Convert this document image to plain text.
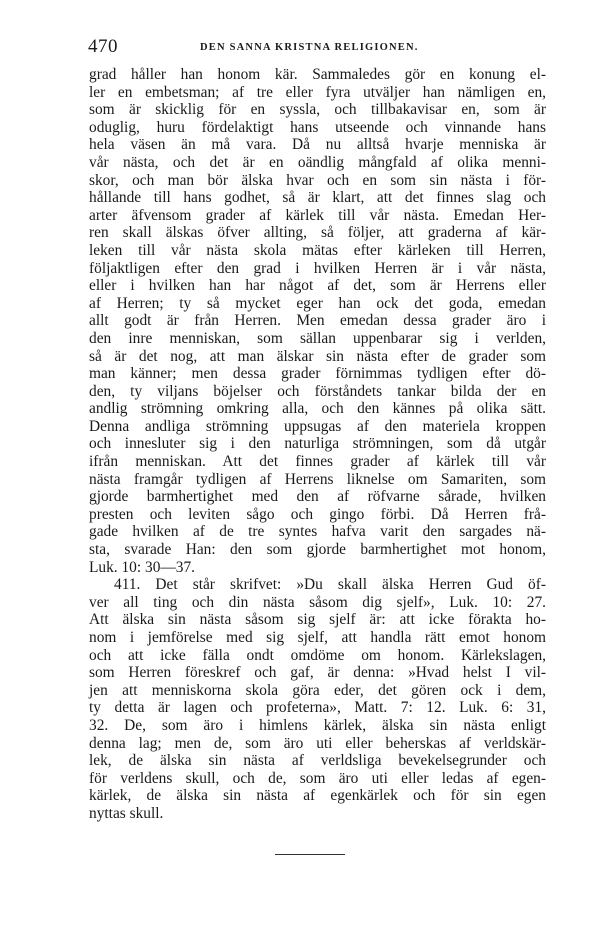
470	DEN SANNA KRISTNA RELIGIONEN.
grad håller han honom kär. Sammaledes gör en konung el-
ler en embetsman; af tre eller fyra utväljer han nämligen en,
som är skicklig för en syssla, och tillbakavisar en, som är
oduglig, huru fördelaktigt hans utseende och vinnande hans
hela väsen än må vara. Då nu alltså hvarje menniska är
vår nästa, och det är en oändlig mångfald af olika menni-
skor, och man bör älska hvar och en som sin nästa i för-
hållande till hans godhet, så är klart, att det finnes slag och
arter äfvensom grader af kärlek till vår nästa. Emedan Her-
ren skall älskas öfver allting, så följer, att graderna af kär-
leken till vår nästa skola mätas efter kärleken till Herren,
följaktligen efter den grad i hvilken Herren är i vår nästa,
eller i hvilken han har något af det, som är Herrens eller
af Herren; ty så mycket eger han ock det goda, emedan
allt godt är från Herren. Men emedan dessa grader äro i
den inre menniskan, som sällan uppenbarar sig i verlden,
så är det nog, att man älskar sin nästa efter de grader som
man känner; men dessa grader förnimmas tydligen efter dö-
den, ty viljans böjelser och förståndets tankar bilda der en
andlig strömning omkring alla, och den kännes på olika sätt.
Denna andliga strömning uppsugas af den materiela kroppen
och innesluter sig i den naturliga strömningen, som då utgår
ifrån menniskan. Att det finnes grader af kärlek till vår
nästa framgår tydligen af Herrens liknelse om Samariten, som
gjorde barmhertighet med den af röfvarne sårade, hvilken
presten och leviten sågo och gingo förbi. Då Herren frå-
gade hvilken af de tre syntes hafva varit den sargades nä-
sta, svarade Han: den som gjorde barmhertighet mot honom,
Luk. 10: 30—37.
411. Det står skrifvet: »Du skall älska Herren Gud öf-
ver all ting och din nästa såsom dig sjelf», Luk. 10: 27.
Att älska sin nästa såsom sig sjelf är: att icke förakta ho-
nom i jemförelse med sig sjelf, att handla rätt emot honom
och att icke fälla ondt omdöme om honom. Kärlekslagen,
som Herren föreskref och gaf, är denna: »Hvad helst I vil-
jen att menniskorna skola göra eder, det gören ock i dem,
ty detta är lagen och profeterna», Matt. 7: 12. Luk. 6: 31,
32. De, som äro i himlens kärlek, älska sin nästa enligt
denna lag; men de, som äro uti eller beherskas af verldskär-
lek, de älska sin nästa af verldsliga bevekelsegrunder och
för verldens skull, och de, som äro uti eller ledas af egen-
kärlek, de älska sin nästa af egenkärlek och för sin egen
nyttas skull.
